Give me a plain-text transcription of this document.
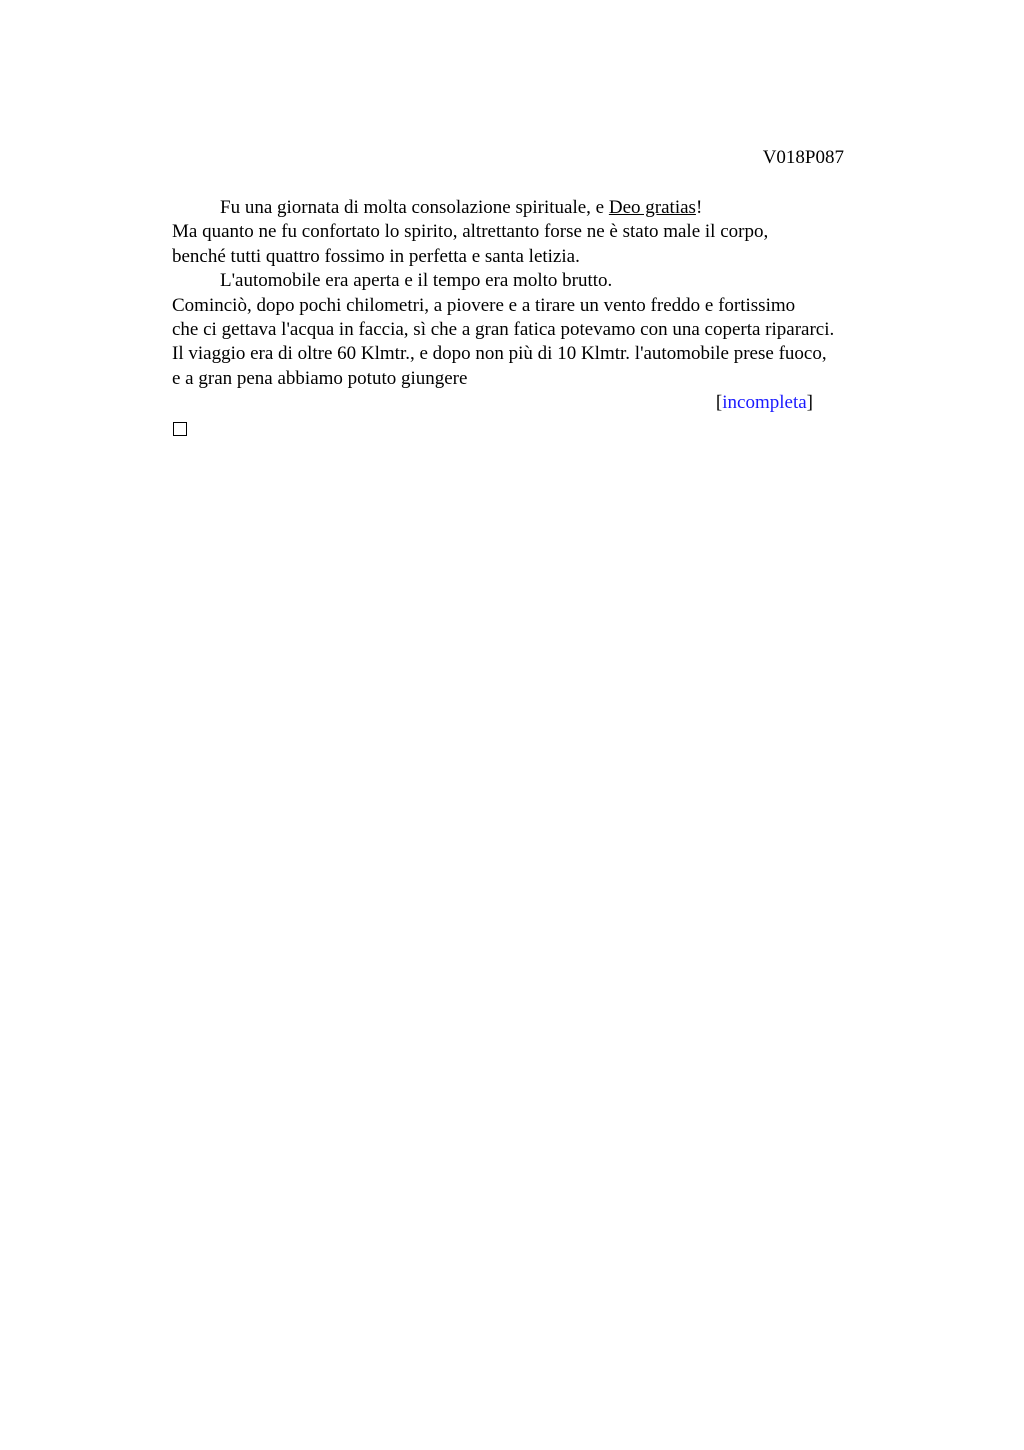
V018P087
Fu una giornata di molta consolazione spirituale, e Deo gratias!
Ma quanto ne fu confortato lo spirito, altrettanto forse ne è stato male il corpo,
benché tutti quattro fossimo in perfetta e santa letizia.
L'automobile era aperta e il tempo era molto brutto.
Cominciò, dopo pochi chilometri, a piovere e a tirare un vento freddo e fortissimo
che ci gettava l'acqua in faccia, sì che a gran fatica potevamo con una coperta ripararci.
Il viaggio era di oltre 60 Klmtr., e dopo non più di 10 Klmtr. l'automobile prese fuoco,
e a gran pena abbiamo potuto giungere
[incompleta]
